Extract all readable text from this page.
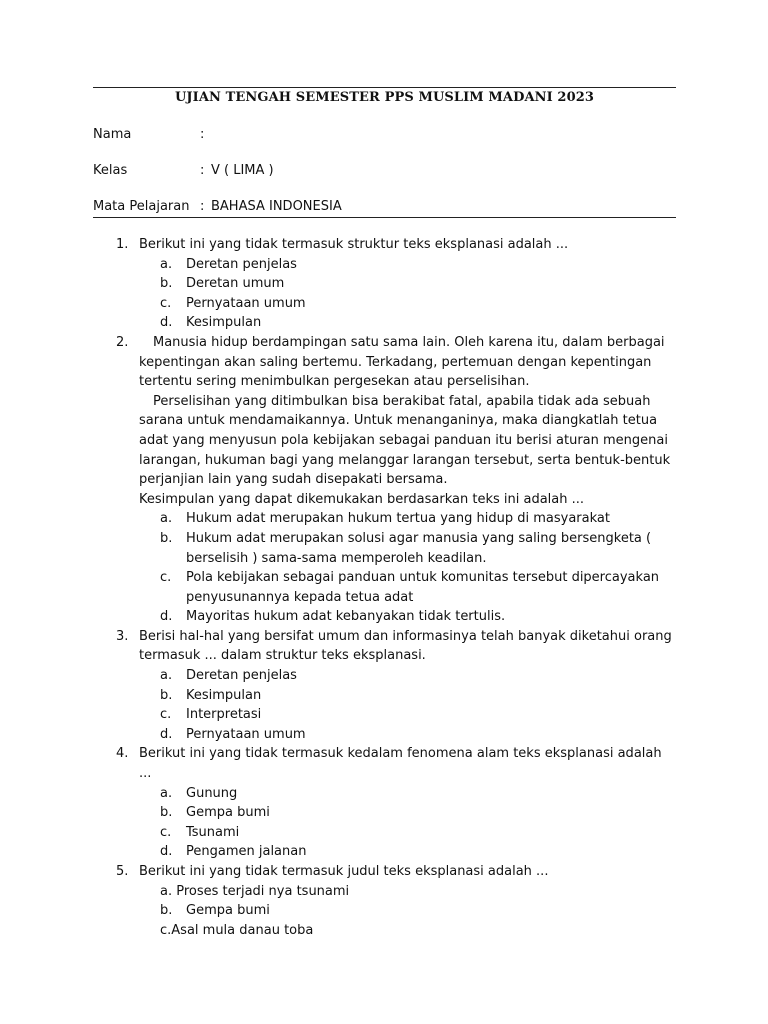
UJIAN TENGAH SEMESTER PPS MUSLIM MADANI 2023
Nama	:
Kelas	: V ( LIMA )
Mata Pelajaran : BAHASA INDONESIA
1. Berikut ini yang tidak termasuk struktur teks eksplanasi adalah ...
a. Deretan penjelas
b. Deretan umum
c. Pernyataan umum
d. Kesimpulan
2. Manusia hidup berdampingan satu sama lain. Oleh karena itu, dalam berbagai kepentingan akan saling bertemu. Terkadang, pertemuan dengan kepentingan tertentu sering menimbulkan pergesekan atau perselisihan.
Perselisihan yang ditimbulkan bisa berakibat fatal, apabila tidak ada sebuah sarana untuk mendamaikannya. Untuk menanganinya, maka diangkatlah tetua adat yang menyusun pola kebijakan sebagai panduan itu berisi aturan mengenai larangan, hukuman bagi yang melanggar larangan tersebut, serta bentuk-bentuk perjanjian lain yang sudah disepakati bersama.
Kesimpulan yang dapat dikemukakan berdasarkan teks ini adalah ...
a. Hukum adat merupakan hukum tertua yang hidup di masyarakat
b. Hukum adat merupakan solusi agar manusia yang saling bersengketa ( berselisih ) sama-sama memperoleh keadilan.
c. Pola kebijakan sebagai panduan untuk komunitas tersebut dipercayakan penyusunannya kepada tetua adat
d. Mayoritas hukum adat kebanyakan tidak tertulis.
3. Berisi hal-hal yang bersifat umum dan informasinya telah banyak diketahui orang termasuk ... dalam struktur teks eksplanasi.
a. Deretan penjelas
b. Kesimpulan
c. Interpretasi
d. Pernyataan umum
4. Berikut ini yang tidak termasuk kedalam fenomena alam teks eksplanasi adalah ...
a. Gunung
b. Gempa bumi
c. Tsunami
d. Pengamen jalanan
5. Berikut ini yang tidak termasuk judul teks eksplanasi adalah ...
a. Proses terjadi nya tsunami
b. Gempa bumi
c.Asal mula danau toba
